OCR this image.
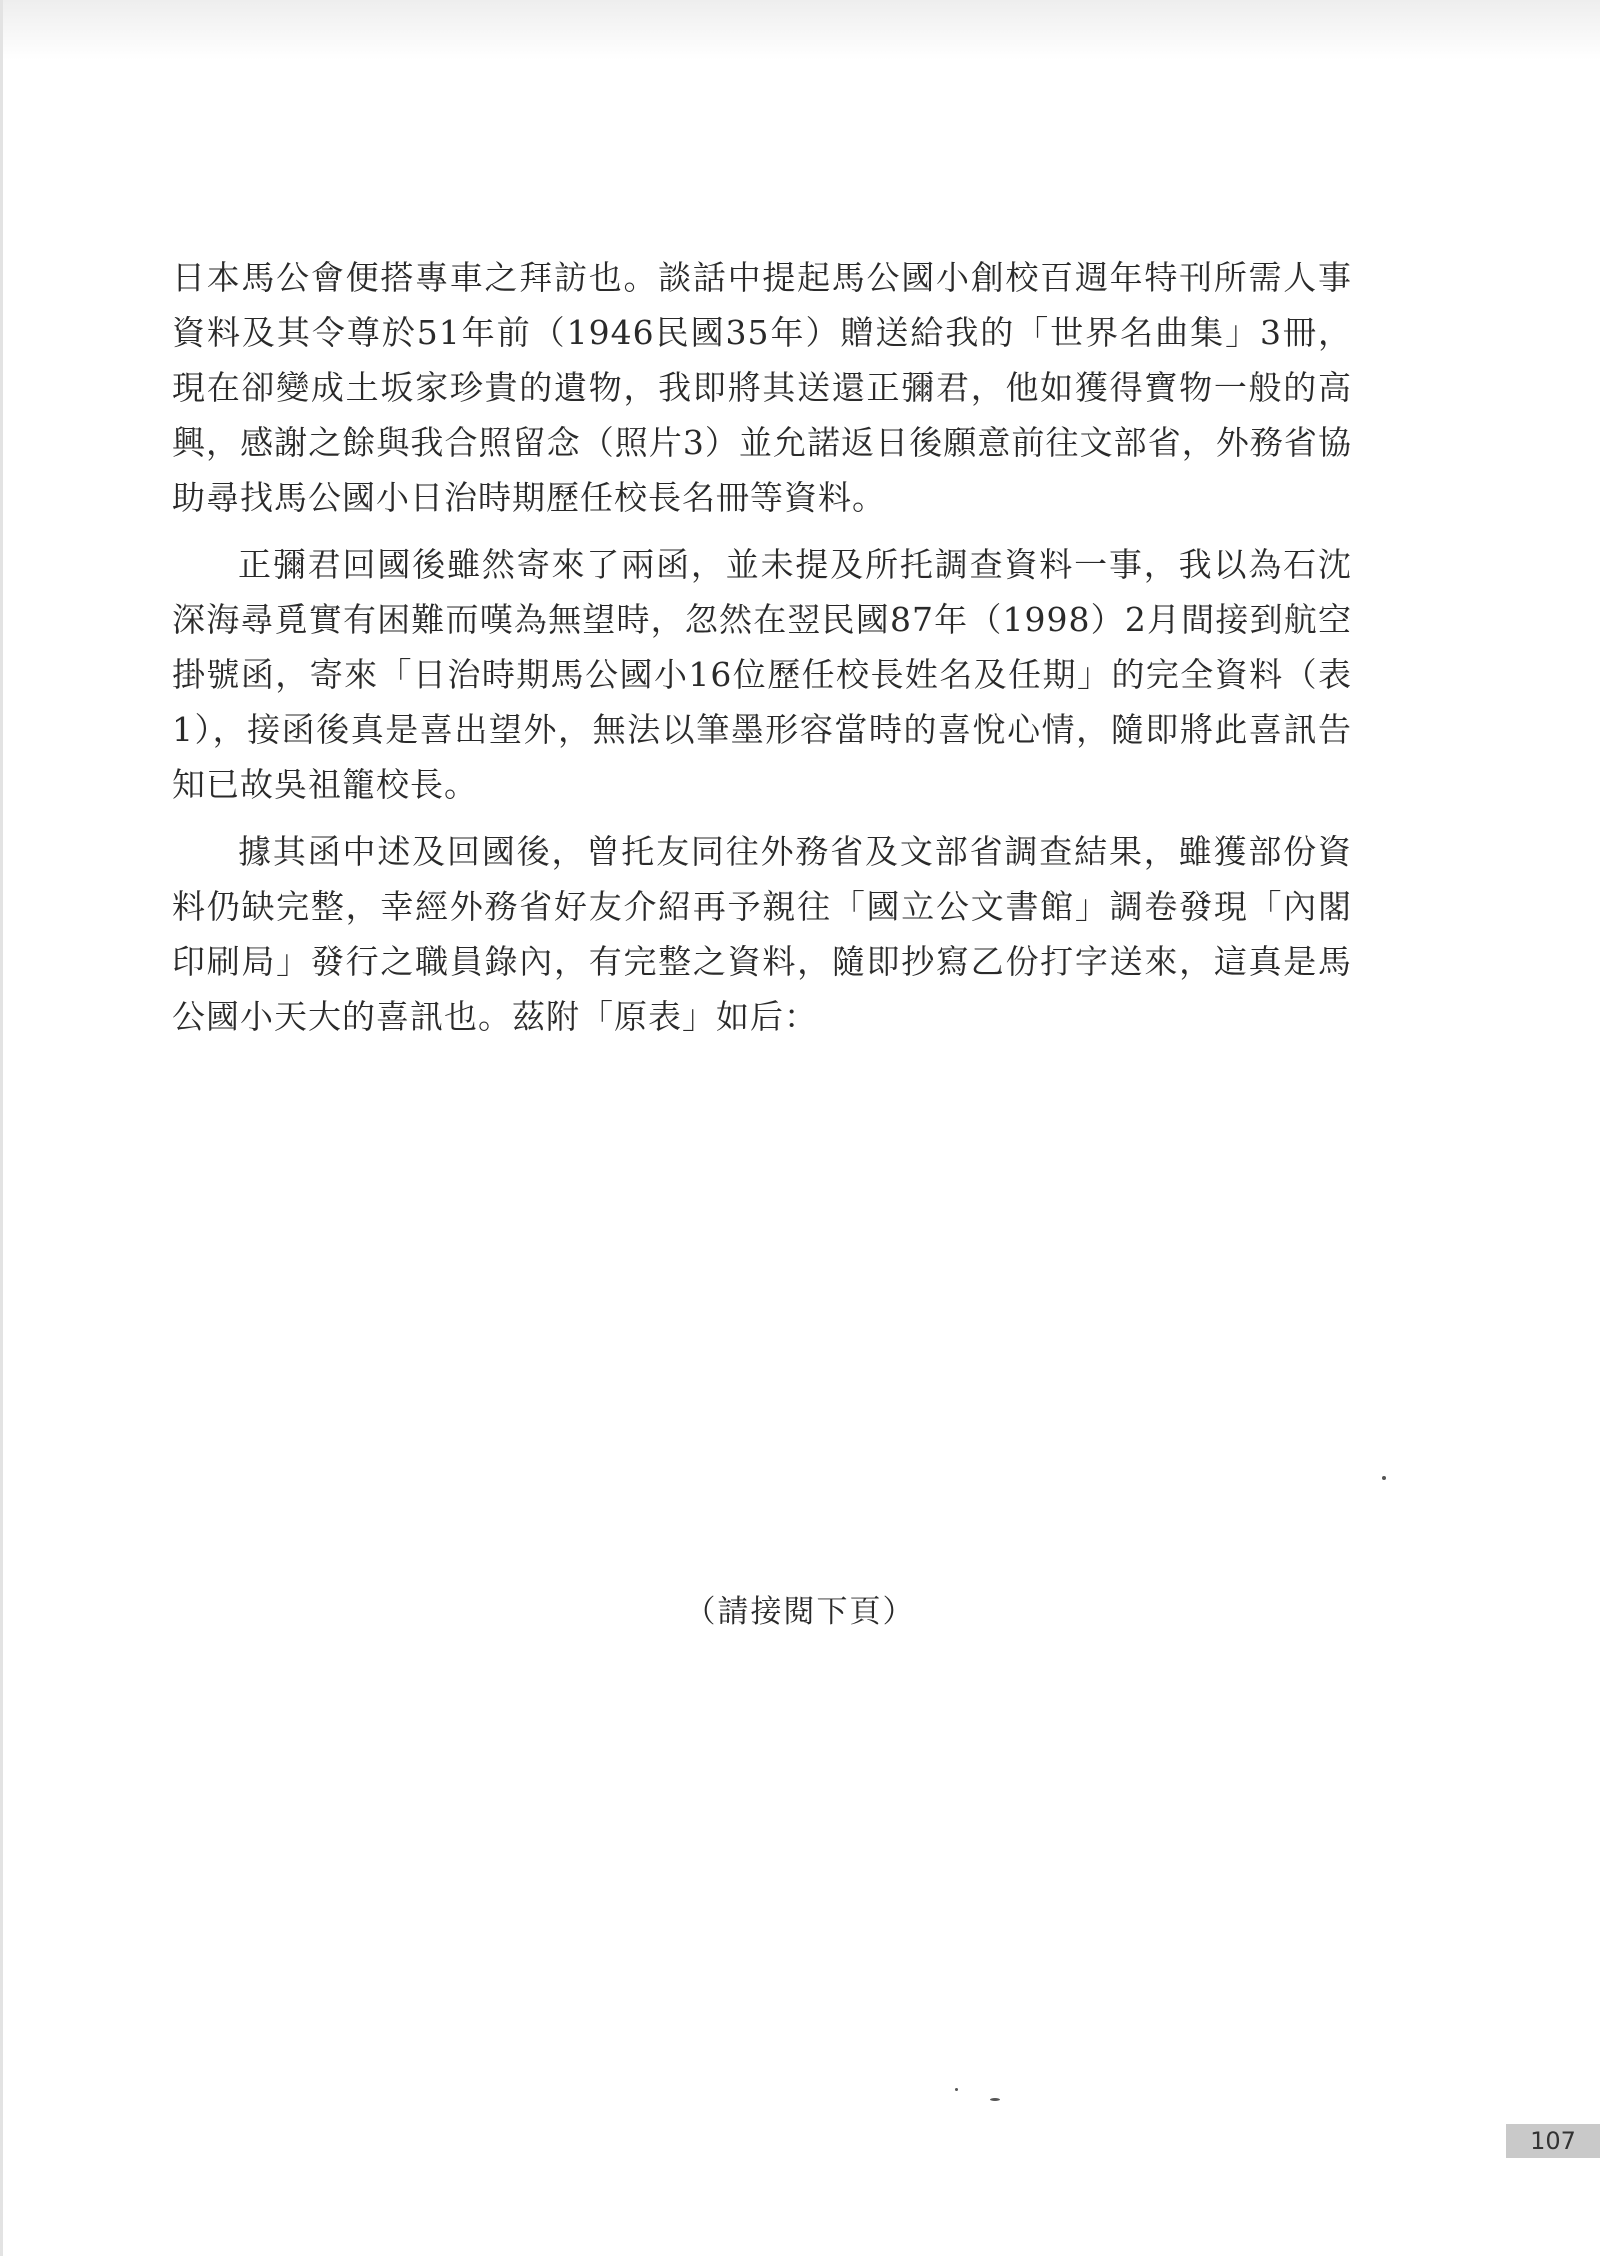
日本馬公會便搭專車之拜訪也。談話中提起馬公國小創校百週年特刊所需人事資料及其令尊於51年前（1946民國35年）贈送給我的「世界名曲集」3冊，現在卻變成土坂家珍貴的遺物，我即將其送還正彌君，他如獲得寶物一般的高興，感謝之餘與我合照留念（照片3）並允諾返日後願意前往文部省，外務省協助尋找馬公國小日治時期歷任校長名冊等資料。

正彌君回國後雖然寄來了兩函，並未提及所托調查資料一事，我以為石沈深海尋覓實有困難而嘆為無望時，忽然在翌民國87年（1998）2月間接到航空掛號函，寄來「日治時期馬公國小16位歷任校長姓名及任期」的完全資料（表1），接函後真是喜出望外，無法以筆墨形容當時的喜悅心情，隨即將此喜訊告知已故吳祖籠校長。

據其函中述及回國後，曾托友同往外務省及文部省調查結果，雖獲部份資料仍缺完整，幸經外務省好友介紹再予親往「國立公文書館」調卷發現「內閣印刷局」發行之職員錄內，有完整之資料，隨即抄寫乙份打字送來，這真是馬公國小天大的喜訊也。茲附「原表」如后：

（請接閱下頁）
107
